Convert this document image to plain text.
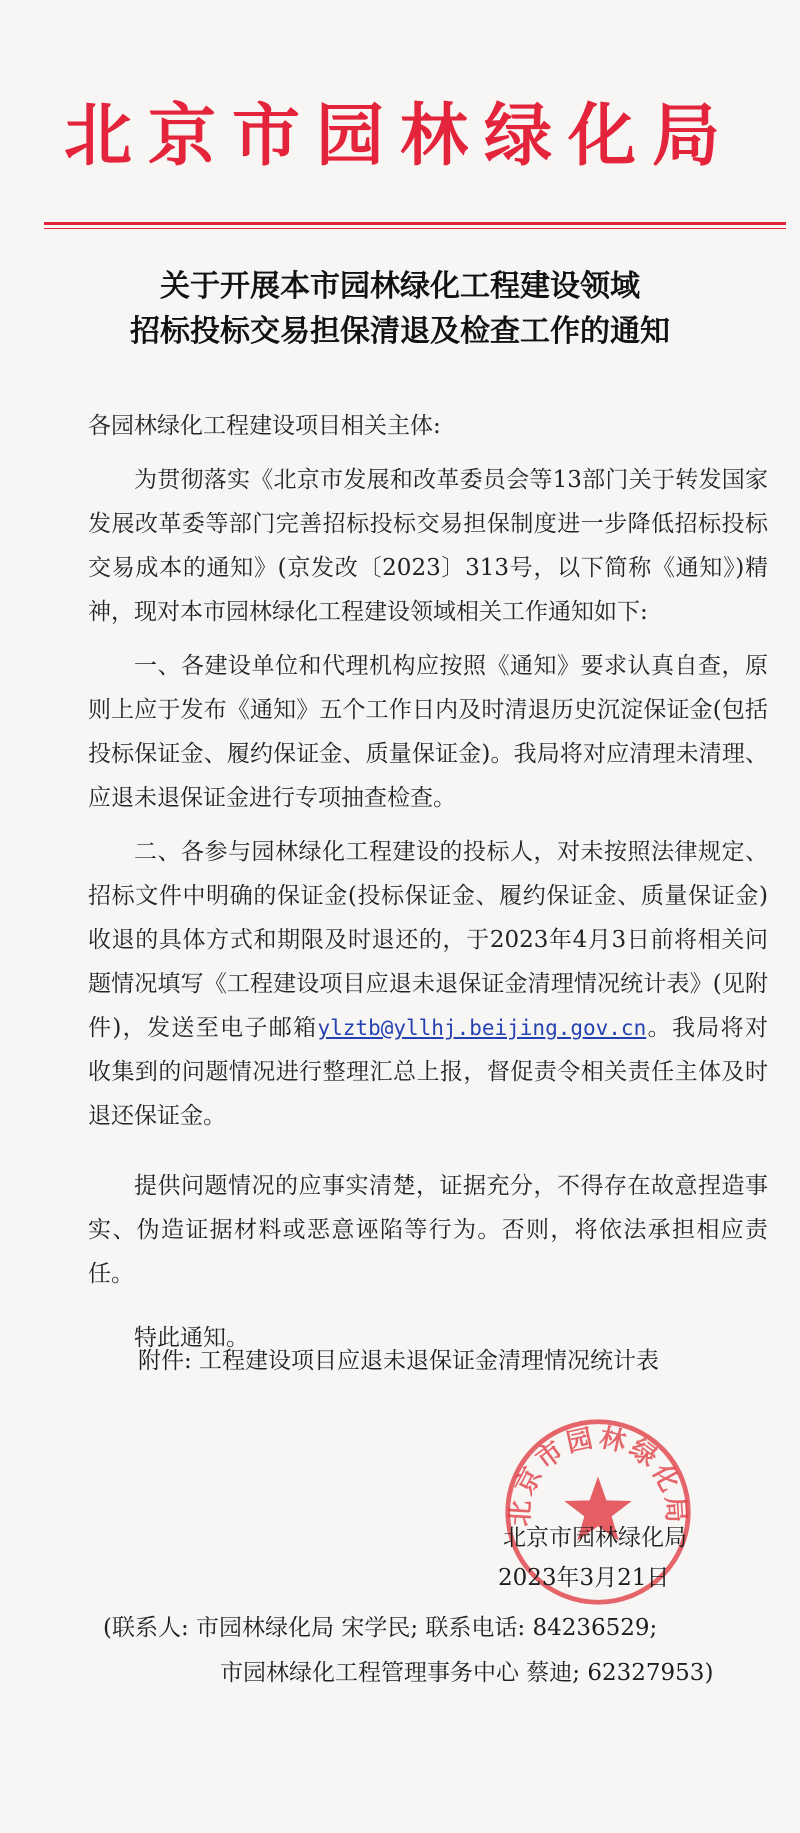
北京市园林绿化局
关于开展本市园林绿化工程建设领域
招标投标交易担保清退及检查工作的通知
各园林绿化工程建设项目相关主体:

为贯彻落实《北京市发展和改革委员会等13部门关于转发国家发展改革委等部门完善招标投标交易担保制度进一步降低招标投标交易成本的通知》(京发改〔2023〕313号，以下简称《通知》)精神，现对本市园林绿化工程建设领域相关工作通知如下:

一、各建设单位和代理机构应按照《通知》要求认真自查，原则上应于发布《通知》五个工作日内及时清退历史沉淀保证金(包括投标保证金、履约保证金、质量保证金)。我局将对应清理未清理、应退未退保证金进行专项抽查检查。

二、各参与园林绿化工程建设的投标人，对未按照法律规定、招标文件中明确的保证金(投标保证金、履约保证金、质量保证金)收退的具体方式和期限及时退还的，于2023年4月3日前将相关问题情况填写《工程建设项目应退未退保证金清理情况统计表》(见附件)，发送至电子邮箱ylztb@yllhj.beijing.gov.cn。我局将对收集到的问题情况进行整理汇总上报，督促责令相关责任主体及时退还保证金。

提供问题情况的应事实清楚，证据充分，不得存在故意捏造事实、伪造证据材料或恶意诬陷等行为。否则，将依法承担相应责任。

特此通知。

附件: 工程建设项目应退未退保证金清理情况统计表
北京市园林绿化局
北京市园林绿化局
2023年3月21日
(联系人: 市园林绿化局 宋学民; 联系电话: 84236529;
市园林绿化工程管理事务中心 蔡迪; 62327953)
